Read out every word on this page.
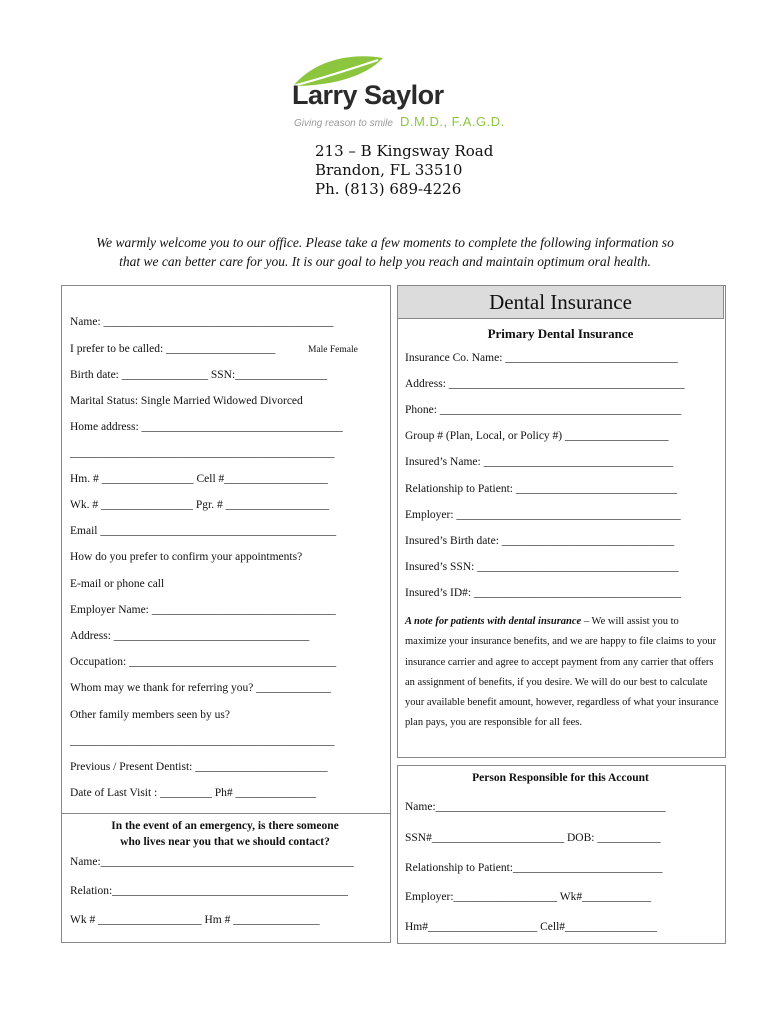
Larry Saylor
Giving reason to smile D.M.D., F.A.G.D.
213 – B Kingsway Road
Brandon, FL 33510
Ph. (813) 689-4226
We warmly welcome you to our office. Please take a few moments to complete the following information so
that we can better care for you. It is our goal to help you reach and maintain optimum oral health.
Dental Insurance
Name: ________________________________________
I prefer to be called: ___________________	Male Female
Birth date: _______________ SSN:________________
Marital Status: Single Married Widowed Divorced
Home address: ___________________________________
______________________________________________
Hm. # ________________ Cell #__________________
Wk. # ________________ Pgr. # __________________
Email _________________________________________
How do you prefer to confirm your appointments?
E-mail or phone call
Employer Name: ________________________________
Address: __________________________________
Occupation: ____________________________________
Whom may we thank for referring you? _____________
Other family members seen by us?
______________________________________________
Previous / Present Dentist: _______________________
Date of Last Visit : _________ Ph# ______________
In the event of an emergency, is there someone
who lives near you that we should contact?
Name:____________________________________________
Relation:_________________________________________
Wk # __________________ Hm # _______________
Primary Dental Insurance
Insurance Co. Name: ______________________________
Address: _________________________________________
Phone: __________________________________________
Group # (Plan, Local, or Policy #) __________________
Insured’s Name: _________________________________
Relationship to Patient: ____________________________
Employer: _______________________________________
Insured’s Birth date: ______________________________
Insured’s SSN: ___________________________________
Insured’s ID#: ____________________________________
A note for patients with dental insurance – We will assist you to maximize your insurance benefits, and we are happy to file claims to your insurance carrier and agree to accept payment from any carrier that offers an assignment of benefits, if you desire. We will do our best to calculate your available benefit amount, however, regardless of what your insurance plan pays, you are responsible for all fees.
Person Responsible for this Account
Name:________________________________________
SSN#_______________________ DOB: ___________
Relationship to Patient:__________________________
Employer:__________________ Wk#____________
Hm#___________________ Cell#________________
